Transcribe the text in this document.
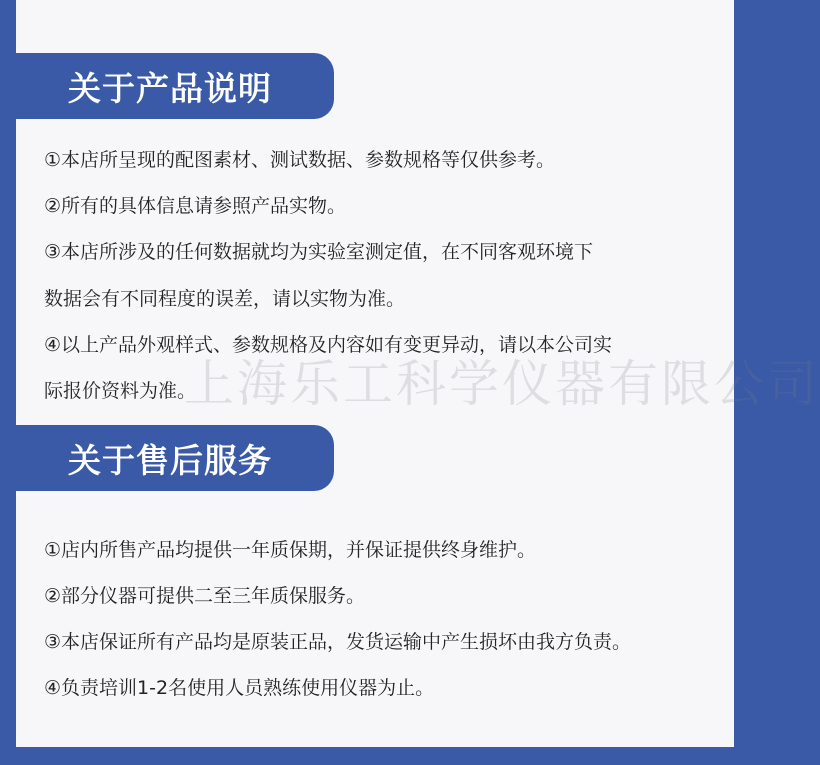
关于产品说明
①本店所呈现的配图素材、测试数据、参数规格等仅供参考。
②所有的具体信息请参照产品实物。
③本店所涉及的任何数据就均为实验室测定值，在不同客观环境下
数据会有不同程度的误差，请以实物为准。
④以上产品外观样式、参数规格及内容如有变更异动，请以本公司实
际报价资料为准。
上海乐工科学仪器有限公司
关于售后服务
①店内所售产品均提供一年质保期，并保证提供终身维护。
②部分仪器可提供二至三年质保服务。
③本店保证所有产品均是原装正品，发货运输中产生损坏由我方负责。
④负责培训1-2名使用人员熟练使用仪器为止。
